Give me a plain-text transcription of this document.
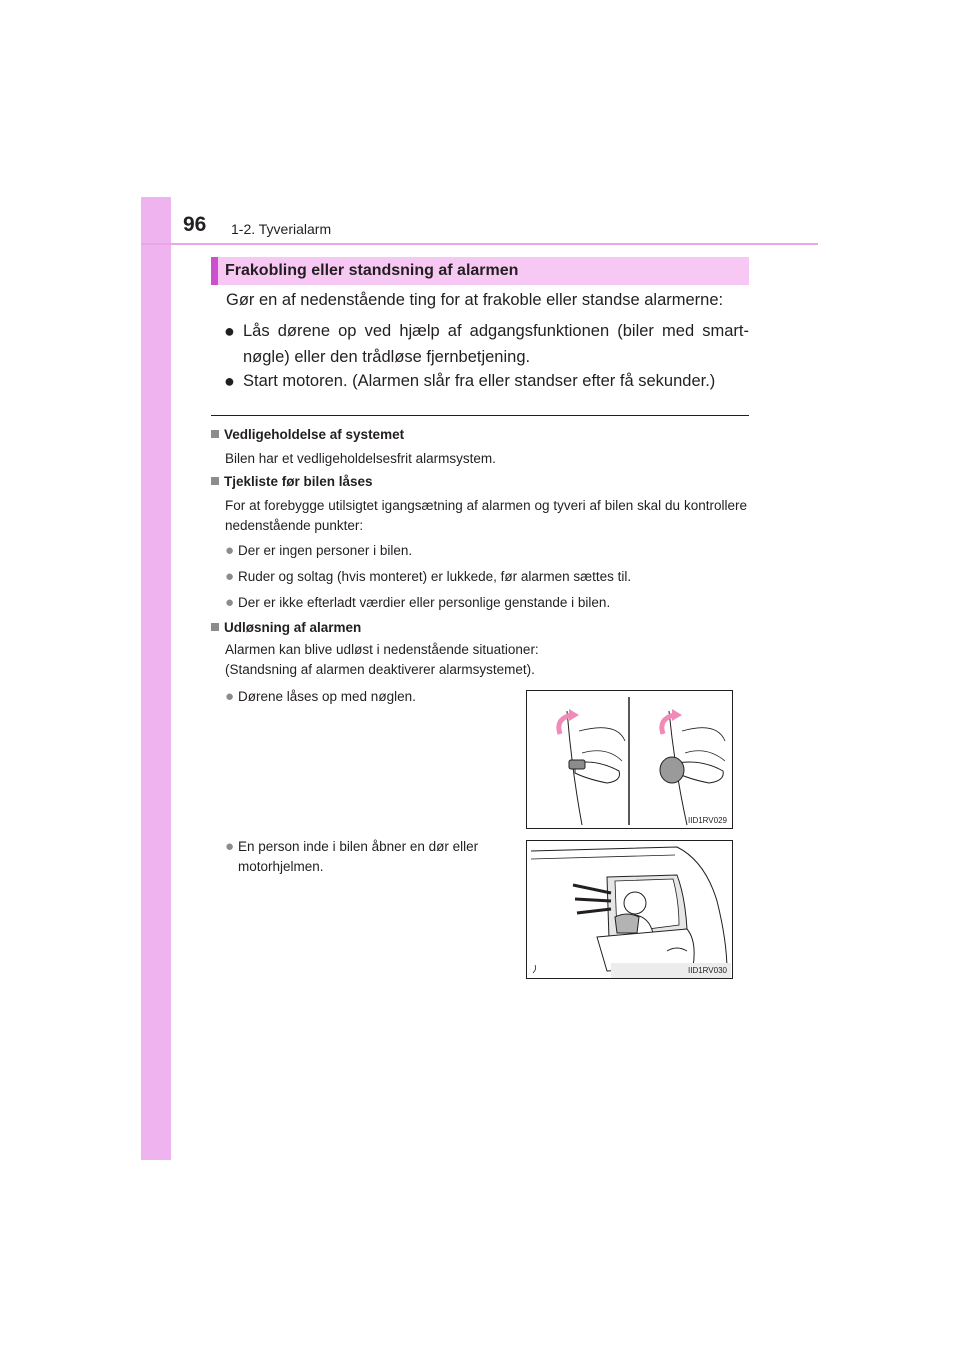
96 1-2. Tyverialarm
Frakobling eller standsning af alarmen
Gør en af nedenstående ting for at frakoble eller standse alarmerne:
● Lås dørene op ved hjælp af adgangsfunktionen (biler med smart-nøgle) eller den trådløse fjernbetjening.
● Start motoren. (Alarmen slår fra eller standser efter få sekunder.)
Vedligeholdelse af systemet
Bilen har et vedligeholdelsesfrit alarmsystem.
Tjekliste før bilen låses
For at forebygge utilsigtet igangsætning af alarmen og tyveri af bilen skal du kontrollere nedenstående punkter:
● Der er ingen personer i bilen.
● Ruder og soltag (hvis monteret) er lukkede, før alarmen sættes til.
● Der er ikke efterladt værdier eller personlige genstande i bilen.
Udløsning af alarmen
Alarmen kan blive udløst i nedenstående situationer:
(Standsning af alarmen deaktiverer alarmsystemet).
● Dørene låses op med nøglen.
● En person inde i bilen åbner en dør eller motorhjelmen.
IID1RV029
IID1RV030
